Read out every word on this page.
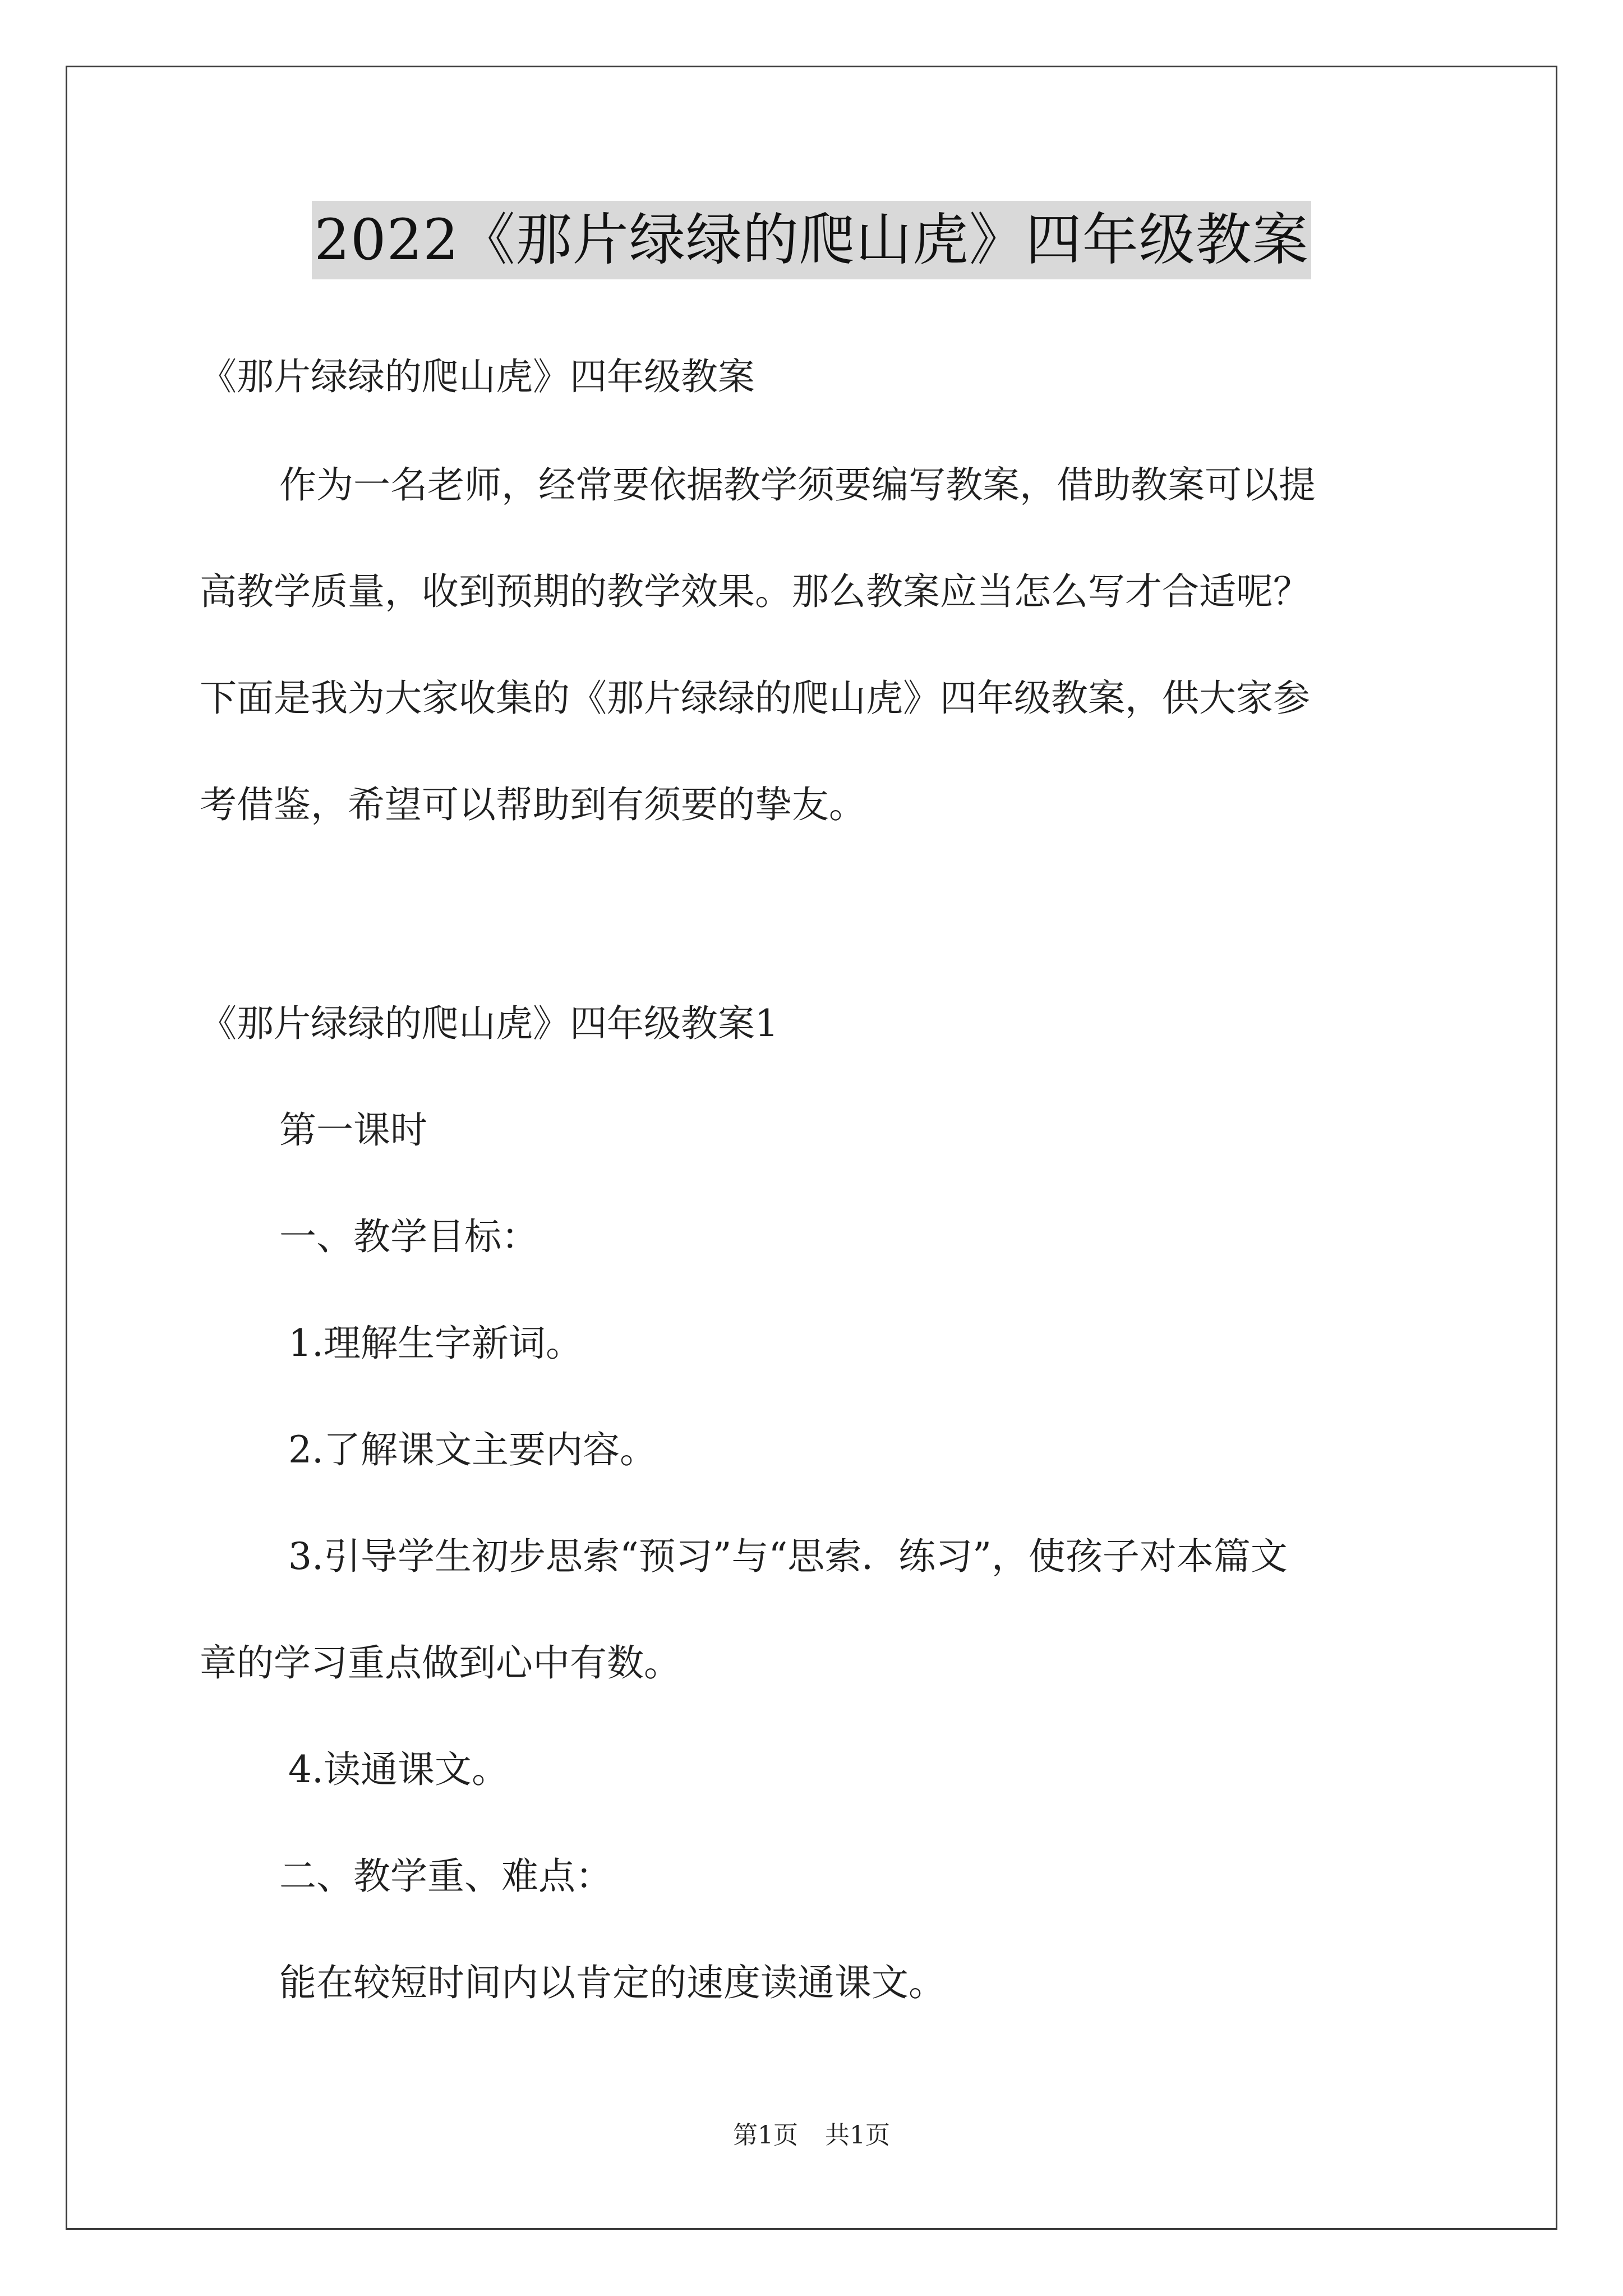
2022《那片绿绿的爬山虎》四年级教案
《那片绿绿的爬山虎》四年级教案
作为一名老师，经常要依据教学须要编写教案，借助教案可以提
高教学质量，收到预期的教学效果。那么教案应当怎么写才合适呢？
下面是我为大家收集的《那片绿绿的爬山虎》四年级教案，供大家参
考借鉴，希望可以帮助到有须要的挚友。
《那片绿绿的爬山虎》四年级教案1
第一课时
一、教学目标：
1.理解生字新词。
2.了解课文主要内容。
3.引导学生初步思索“预习”与“思索．练习”，使孩子对本篇文
章的学习重点做到心中有数。
4.读通课文。
二、教学重、难点：
能在较短时间内以肯定的速度读通课文。
第1页 共1页
